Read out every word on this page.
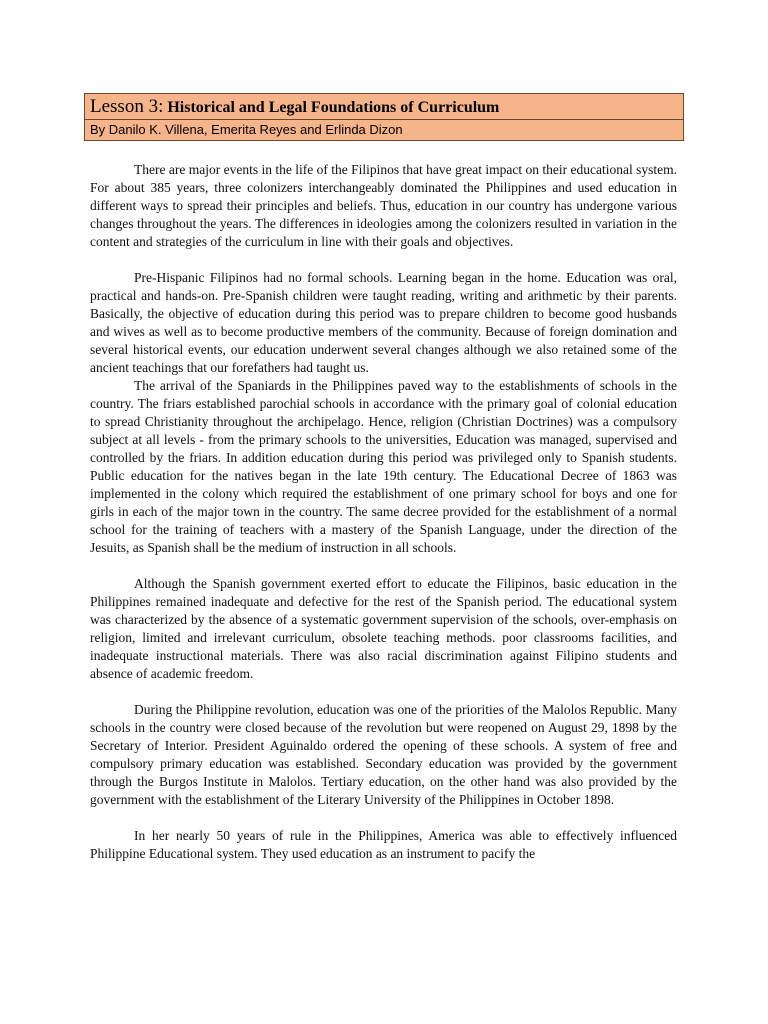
Lesson 3: Historical and Legal Foundations of Curriculum
By Danilo K. Villena, Emerita Reyes and Erlinda Dizon

There are major events in the life of the Filipinos that have great impact on their educational system. For about 385 years, three colonizers interchangeably dominated the Philippines and used education in different ways to spread their principles and beliefs. Thus, education in our country has undergone various changes throughout the years. The differences in ideologies among the colonizers resulted in variation in the content and strategies of the curriculum in line with their goals and objectives.

Pre-Hispanic Filipinos had no formal schools. Learning began in the home. Education was oral, practical and hands-on. Pre-Spanish children were taught reading, writing and arithmetic by their parents. Basically, the objective of education during this period was to prepare children to become good husbands and wives as well as to become productive members of the community. Because of foreign domination and several historical events, our education underwent several changes although we also retained some of the ancient teachings that our forefathers had taught us.

The arrival of the Spaniards in the Philippines paved way to the establishments of schools in the country. The friars established parochial schools in accordance with the primary goal of colonial education to spread Christianity throughout the archipelago. Hence, religion (Christian Doctrines) was a compulsory subject at all levels - from the primary schools to the universities, Education was managed, supervised and controlled by the friars. In addition education during this period was privileged only to Spanish students. Public education for the natives began in the late 19th century. The Educational Decree of 1863 was implemented in the colony which required the establishment of one primary school for boys and one for girls in each of the major town in the country. The same decree provided for the establishment of a normal school for the training of teachers with a mastery of the Spanish Language, under the direction of the Jesuits, as Spanish shall be the medium of instruction in all schools.

Although the Spanish government exerted effort to educate the Filipinos, basic education in the Philippines remained inadequate and defective for the rest of the Spanish period. The educational system was characterized by the absence of a systematic government supervision of the schools, over-emphasis on religion, limited and irrelevant curriculum, obsolete teaching methods. poor classrooms facilities, and inadequate instructional materials. There was also racial discrimination against Filipino students and absence of academic freedom.

During the Philippine revolution, education was one of the priorities of the Malolos Republic. Many schools in the country were closed because of the revolution but were reopened on August 29, 1898 by the Secretary of Interior. President Aguinaldo ordered the opening of these schools. A system of free and compulsory primary education was established. Secondary education was provided by the government through the Burgos Institute in Malolos. Tertiary education, on the other hand was also provided by the government with the establishment of the Literary University of the Philippines in October 1898.

In her nearly 50 years of rule in the Philippines, America was able to effectively influenced Philippine Educational system. They used education as an instrument to pacify the
